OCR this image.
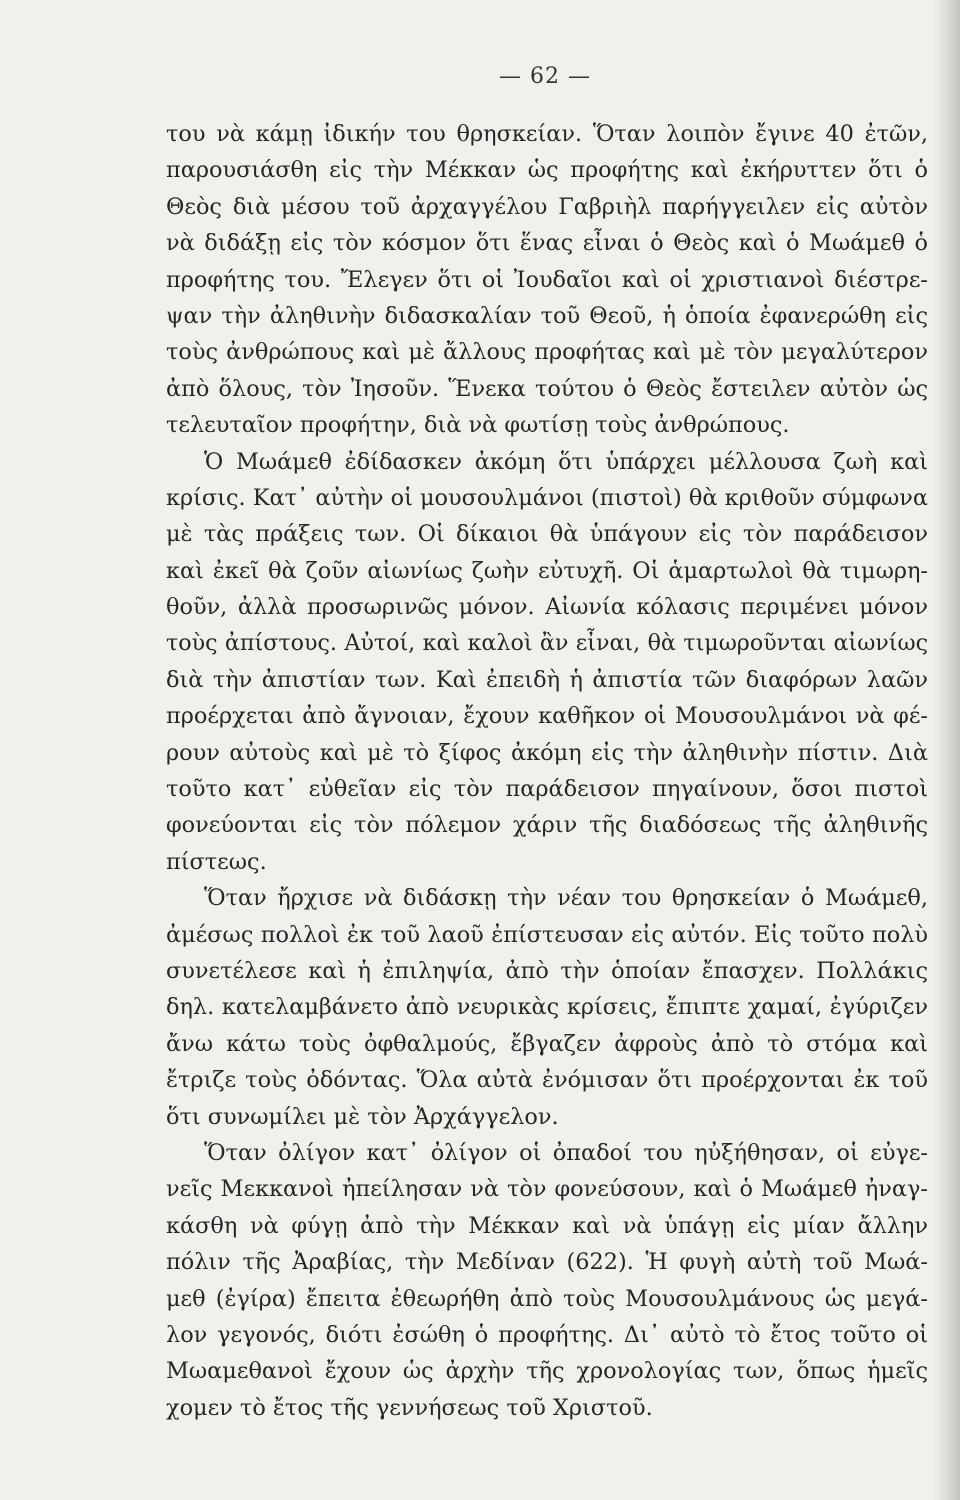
— 62 —
του νὰ κάμῃ ἰδικήν του θρησκείαν. Ὅταν λοιπὸν ἔγινε 40 ἐτῶν,
παρουσιάσθη εἰς τὴν Μέκκαν ὡς προφήτης καὶ ἐκήρυττεν ὅτι ὁ
Θεὸς διὰ μέσου τοῦ ἀρχαγγέλου Γαβριὴλ παρήγγειλεν εἰς αὐτὸν
νὰ διδάξῃ εἰς τὸν κόσμον ὅτι ἕνας εἶναι ὁ Θεὸς καὶ ὁ Μωάμεθ ὁ
προφήτης του. Ἔλεγεν ὅτι οἱ Ἰουδαῖοι καὶ οἱ χριστιανοὶ διέστρε-
ψαν τὴν ἀληθινὴν διδασκαλίαν τοῦ Θεοῦ, ἡ ὁποία ἐφανερώθη εἰς
τοὺς ἀνθρώπους καὶ μὲ ἄλλους προφήτας καὶ μὲ τὸν μεγαλύτερον
ἀπὸ ὅλους, τὸν Ἰησοῦν. Ἕνεκα τούτου ὁ Θεὸς ἔστειλεν αὐτὸν ὡς
τελευταῖον προφήτην, διὰ νὰ φωτίσῃ τοὺς ἀνθρώπους.
Ὁ Μωάμεθ ἐδίδασκεν ἀκόμη ὅτι ὑπάρχει μέλλουσα ζωὴ καὶ
κρίσις. Κατ᾿ αὐτὴν οἱ μουσουλμάνοι (πιστοὶ) θὰ κριθοῦν σύμφωνα
μὲ τὰς πράξεις των. Οἱ δίκαιοι θὰ ὑπάγουν εἰς τὸν παράδεισον
καὶ ἐκεῖ θὰ ζοῦν αἰωνίως ζωὴν εὐτυχῆ. Οἱ ἁμαρτωλοὶ θὰ τιμωρη-
θοῦν, ἀλλὰ προσωρινῶς μόνον. Αἰωνία κόλασις περιμένει μόνον
τοὺς ἀπίστους. Αὐτοί, καὶ καλοὶ ἂν εἶναι, θὰ τιμωροῦνται αἰωνίως
διὰ τὴν ἀπιστίαν των. Καὶ ἐπειδὴ ἡ ἀπιστία τῶν διαφόρων λαῶν
προέρχεται ἀπὸ ἄγνοιαν, ἔχουν καθῆκον οἱ Μουσουλμάνοι νὰ φέ-
ρουν αὐτοὺς καὶ μὲ τὸ ξίφος ἀκόμη εἰς τὴν ἀληθινὴν πίστιν. Διὰ
τοῦτο κατ᾿ εὐθεῖαν εἰς τὸν παράδεισον πηγαίνουν, ὅσοι πιστοὶ
φονεύονται εἰς τὸν πόλεμον χάριν τῆς διαδόσεως τῆς ἀληθινῆς
πίστεως.
Ὅταν ἤρχισε νὰ διδάσκῃ τὴν νέαν του θρησκείαν ὁ Μωάμεθ,
ἀμέσως πολλοὶ ἐκ τοῦ λαοῦ ἐπίστευσαν εἰς αὐτόν. Εἰς τοῦτο πολὺ
συνετέλεσε καὶ ἡ ἐπιληψία, ἀπὸ τὴν ὁποίαν ἔπασχεν. Πολλάκις
δηλ. κατελαμβάνετο ἀπὸ νευρικὰς κρίσεις, ἔπιπτε χαμαί, ἐγύριζεν
ἄνω κάτω τοὺς ὀφθαλμούς, ἔβγαζεν ἀφροὺς ἀπὸ τὸ στόμα καὶ
ἔτριζε τοὺς ὀδόντας. Ὅλα αὐτὰ ἐνόμισαν ὅτι προέρχονται ἐκ τοῦ
ὅτι συνωμίλει μὲ τὸν Ἀρχάγγελον.
Ὅταν ὀλίγον κατ᾿ ὀλίγον οἱ ὀπαδοί του ηὐξήθησαν, οἱ εὐγε-
νεῖς Μεκκανοὶ ἠπείλησαν νὰ τὸν φονεύσουν, καὶ ὁ Μωάμεθ ἠναγ-
κάσθη νὰ φύγῃ ἀπὸ τὴν Μέκκαν καὶ νὰ ὑπάγῃ εἰς μίαν ἄλλην
πόλιν τῆς Ἀραβίας, τὴν Μεδίναν (622). Ἡ φυγὴ αὐτὴ τοῦ Μωά-
μεθ (ἐγίρα) ἔπειτα ἐθεωρήθη ἀπὸ τοὺς Μουσουλμάνους ὡς μεγά-
λον γεγονός, διότι ἐσώθη ὁ προφήτης. Δι᾿ αὐτὸ τὸ ἔτος τοῦτο οἱ
Μωαμεθανοὶ ἔχουν ὡς ἀρχὴν τῆς χρονολογίας των, ὅπως ἡμεῖς
χομεν τὸ ἔτος τῆς γεννήσεως τοῦ Χριστοῦ.
